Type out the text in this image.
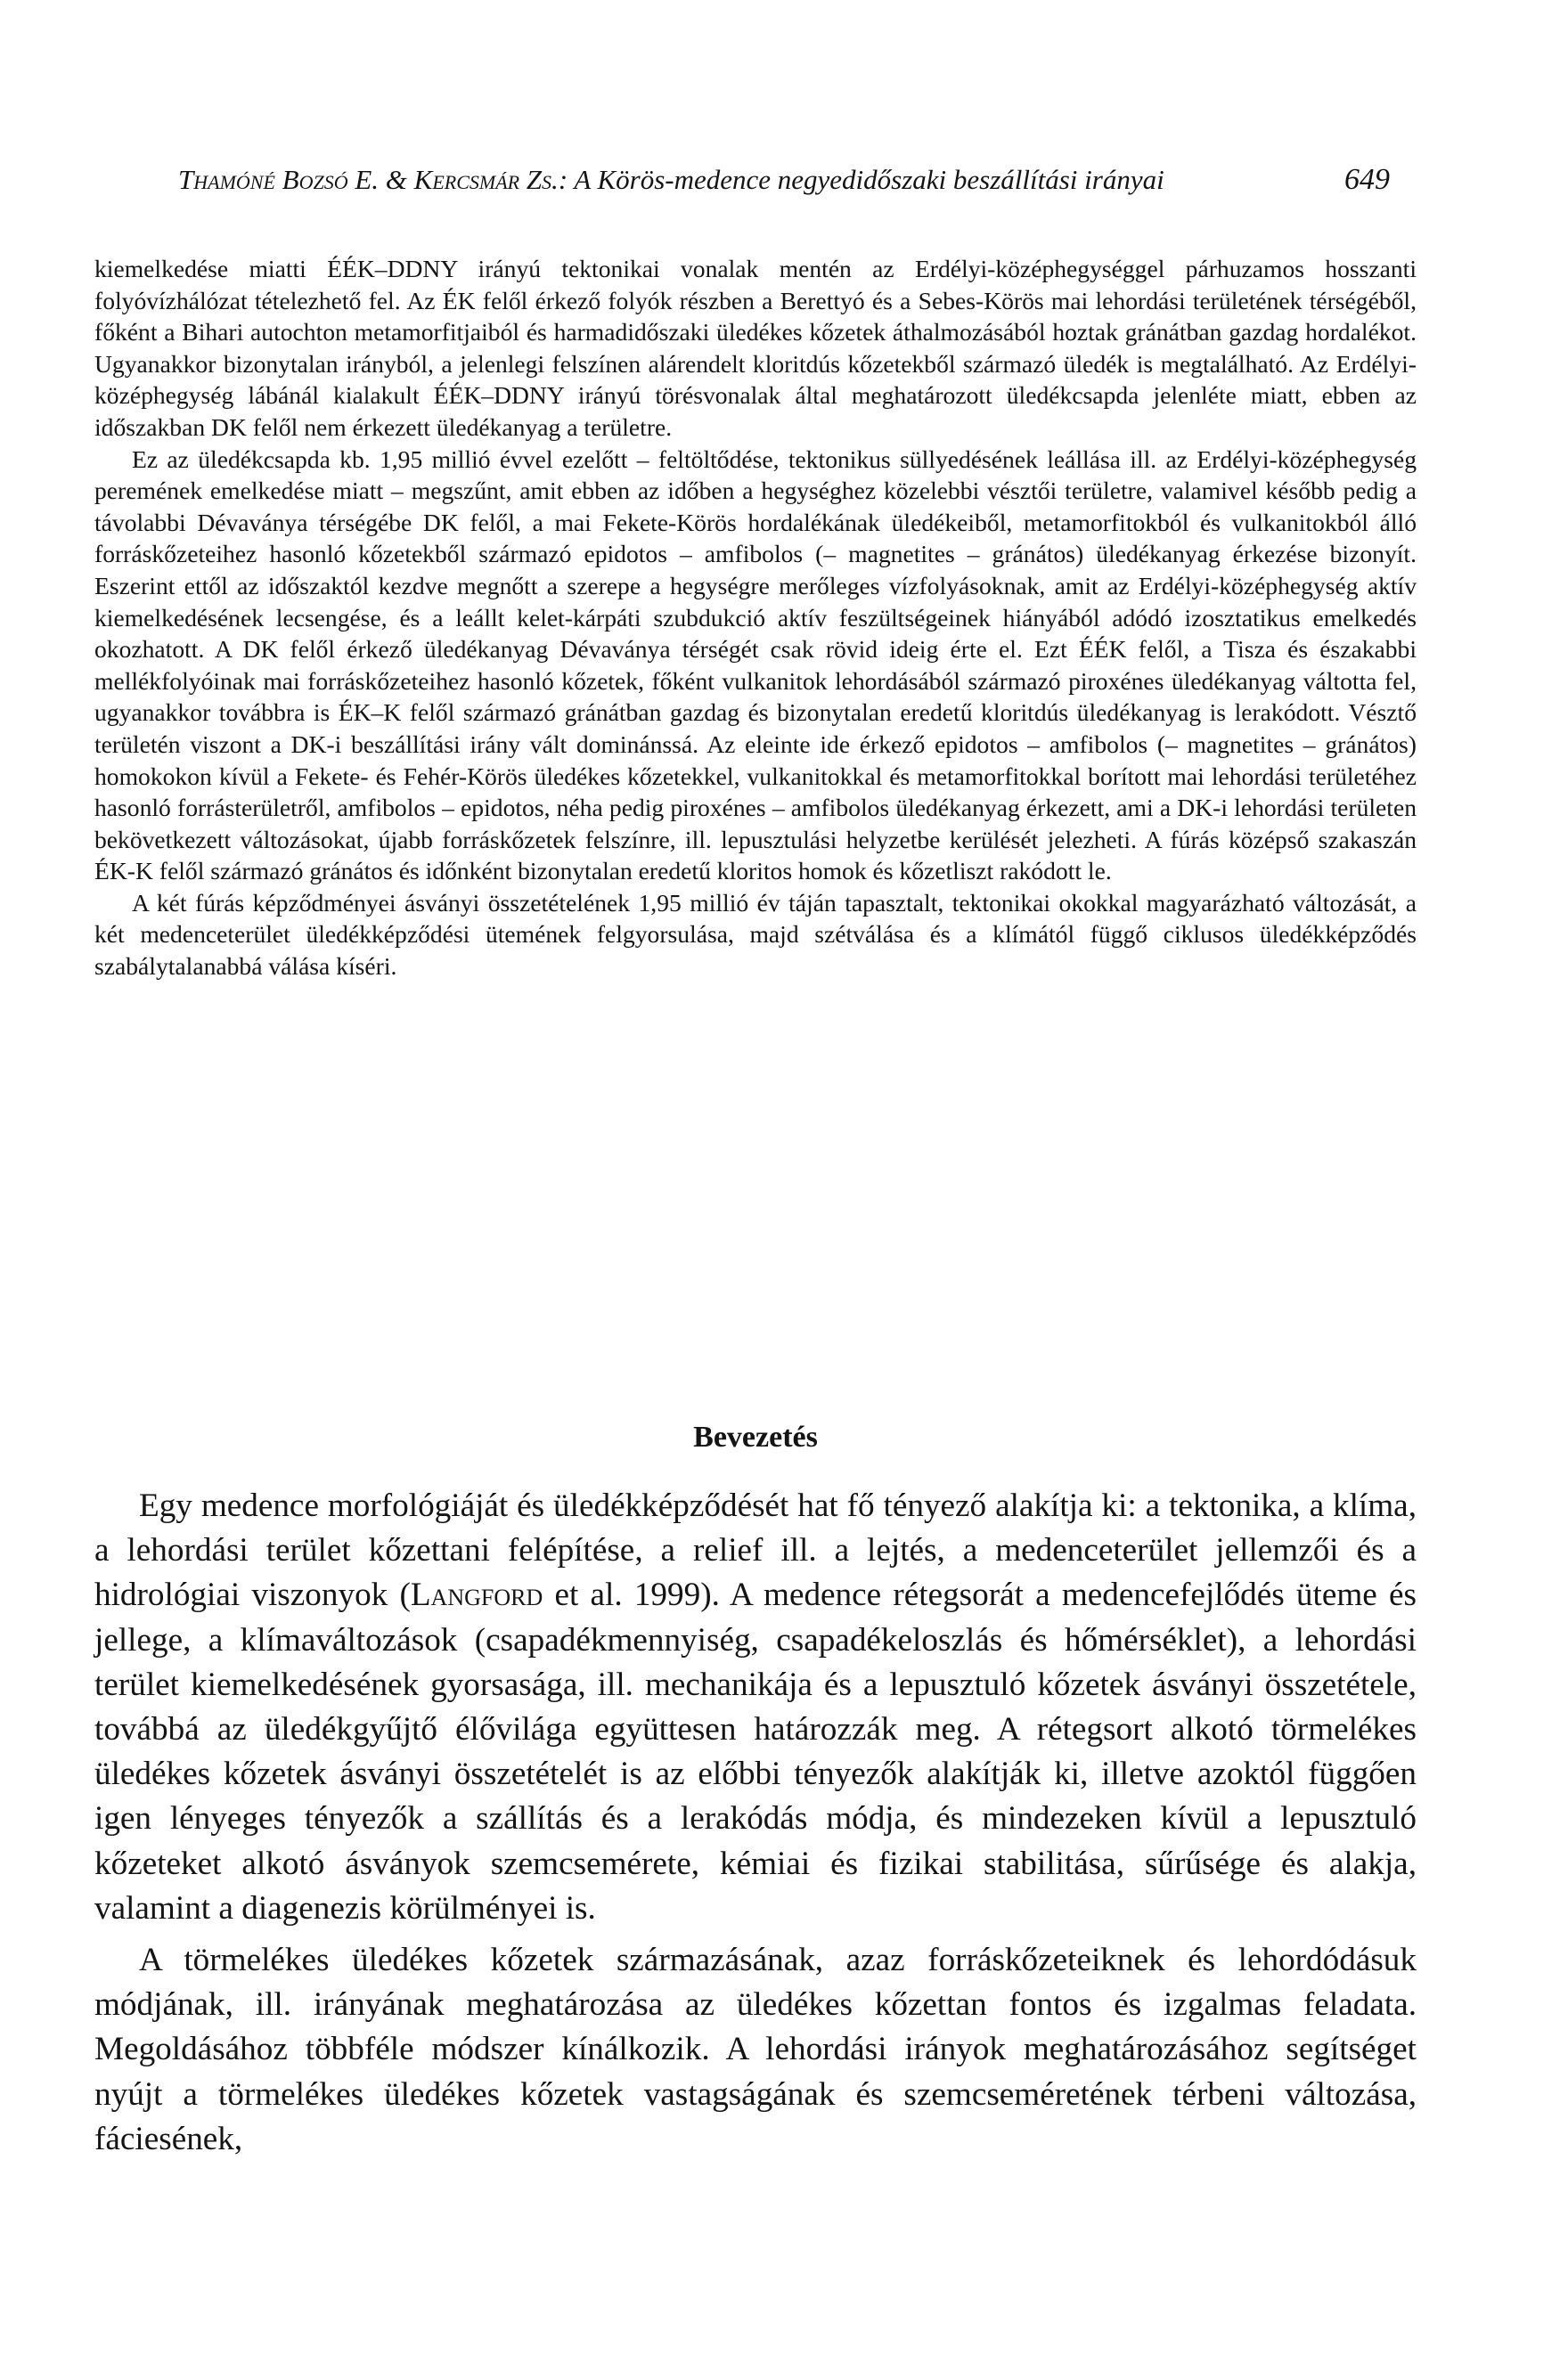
Thamóné Bozsó E. & Kercsmár Zs.: A Körös-medence negyedidőszaki beszállítási irányai	649

kiemelkedése miatti ÉÉK–DDNY irányú tektonikai vonalak mentén az Erdélyi-középhegységgel párhuzamos hosszanti folyóvízhálózat tételezhető fel. Az ÉK felől érkező folyók részben a Berettyó és a Sebes-Körös mai lehordási területének térségéből, főként a Bihari autochton metamorfitjaiból és harmadidőszaki üledékes kőzetek áthalmozásából hoztak gránátban gazdag hordalékot. Ugyanakkor bizonytalan irányból, a jelenlegi felszínen alárendelt kloritdús kőzetekből származó üledék is megtalálható. Az Erdélyi-középhegység lábánál kialakult ÉÉK–DDNY irányú törésvonalak által meghatározott üledékcsapda jelenléte miatt, ebben az időszakban DK felől nem érkezett üledékanyag a területre.

Ez az üledékcsapda kb. 1,95 millió évvel ezelőtt – feltöltődése, tektonikus süllyedésének leállása ill. az Erdélyi-középhegység peremének emelkedése miatt – megszűnt, amit ebben az időben a hegységhez közelebbi vésztői területre, valamivel később pedig a távolabbi Dévaványa térségébe DK felől, a mai Fekete-Körös hordalékának üledékeiből, metamorfitokból és vulkanitokból álló forráskőzeteihez hasonló kőzetekből származó epidotos – amfibolos (– magnetites – gránátos) üledékanyag érkezése bizonyít. Eszerint ettől az időszaktól kezdve megnőtt a szerepe a hegységre merőleges vízfolyásoknak, amit az Erdélyi-középhegység aktív kiemelkedésének lecsengése, és a leállt kelet-kárpáti szubdukció aktív feszültségeinek hiányából adódó izosztatikus emelkedés okozhatott. A DK felől érkező üledékanyag Dévaványa térségét csak rövid ideig érte el. Ezt ÉÉK felől, a Tisza és északabbi mellékfolyóinak mai forráskőzeteihez hasonló kőzetek, főként vulkanitok lehordásából származó piroxénes üledékanyag váltotta fel, ugyanakkor továbbra is ÉK–K felől származó gránátban gazdag és bizonytalan eredetű kloritdús üledékanyag is lerakódott. Vésztő területén viszont a DK-i beszállítási irány vált dominánssá. Az eleinte ide érkező epidotos – amfibolos (– magnetites – gránátos) homokokon kívül a Fekete- és Fehér-Körös üledékes kőzetekkel, vulkanitokkal és metamorfitokkal borított mai lehordási területéhez hasonló forrásterületről, amfibolos – epidotos, néha pedig piroxénes – amfibolos üledékanyag érkezett, ami a DK-i lehordási területen bekövetkezett változásokat, újabb forráskőzetek felszínre, ill. lepusztulási helyzetbe kerülését jelezheti. A fúrás középső szakaszán ÉK-K felől származó gránátos és időnként bizonytalan eredetű kloritos homok és kőzetliszt rakódott le.

A két fúrás képződményei ásványi összetételének 1,95 millió év táján tapasztalt, tektonikai okokkal magyarázható változását, a két medenceterület üledékképződési ütemének felgyorsulása, majd szétválása és a klímától függő ciklusos üledékképződés szabálytalanabbá válása kíséri.

Bevezetés

Egy medence morfológiáját és üledékképződését hat fő tényező alakítja ki: a tektonika, a klíma, a lehordási terület kőzettani felépítése, a relief ill. a lejtés, a medenceterület jellemzői és a hidrológiai viszonyok (Langford et al. 1999). A medence rétegsorát a medencefejlődés üteme és jellege, a klímaváltozások (csapadékmennyiség, csapadékeloszlás és hőmérséklet), a lehordási terület kiemelkedésének gyorsasága, ill. mechanikája és a lepusztuló kőzetek ásványi összetétele, továbbá az üledékgyűjtő élővilága együttesen határozzák meg. A rétegsort alkotó törmelékes üledékes kőzetek ásványi összetételét is az előbbi tényezők alakítják ki, illetve azoktól függően igen lényeges tényezők a szállítás és a lerakódás módja, és mindezeken kívül a lepusztuló kőzeteket alkotó ásványok szemcsemérete, kémiai és fizikai stabilitása, sűrűsége és alakja, valamint a diagenezis körülményei is.

A törmelékes üledékes kőzetek származásának, azaz forráskőzeteiknek és lehordódásuk módjának, ill. irányának meghatározása az üledékes kőzettan fontos és izgalmas feladata. Megoldásához többféle módszer kínálkozik. A lehordási irányok meghatározásához segítséget nyújt a törmelékes üledékes kőzetek vastagságának és szemcseméretének térbeni változása, fáciesének,
